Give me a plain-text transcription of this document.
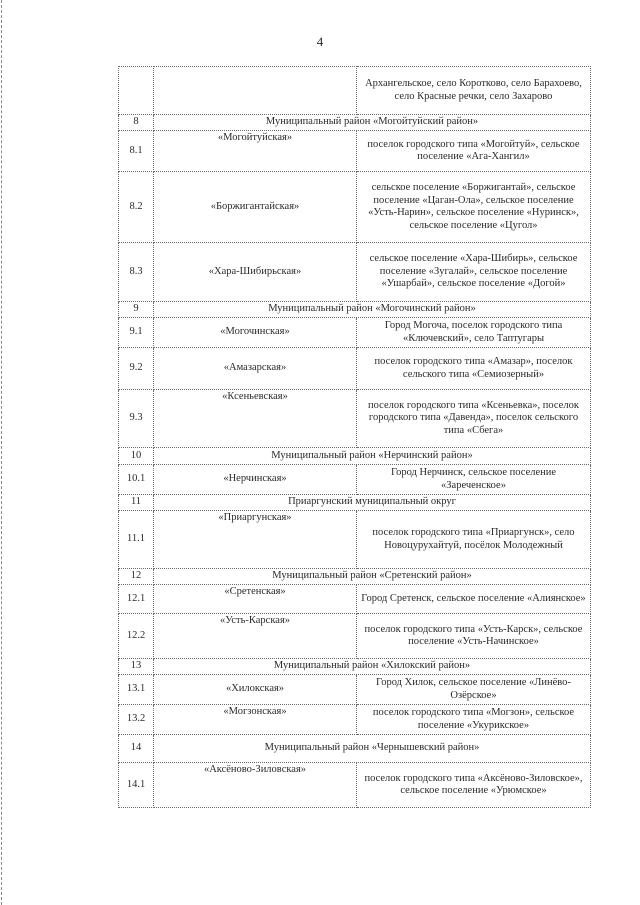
4
		Архангельское, село Коротково, село Барахоево, село Красные речки, село Захарово
8	Муниципальный район «Могойтуйский район»	
8.1	«Могойтуйская»	поселок городского типа «Могойтуй», сельское поселение «Ага-Хангил»
8.2	«Боржигантайская»	сельское поселение «Боржигантай», сельское поселение «Цаган-Ола», сельское поселение «Усть-Нарин», сельское поселение «Нуринск», сельское поселение «Цугол»
8.3	«Хара-Шибирьская»	сельское поселение «Хара-Шибирь», сельское поселение «Зугалай», сельское поселение «Ушарбай», сельское поселение «Догой»
9	Муниципальный район «Могочинский район»	
9.1	«Могочинская»	Город Могоча, поселок городского типа «Ключевский», село Таптугары
9.2	«Амазарская»	поселок городского типа «Амазар», поселок сельского типа «Семиозерный»
9.3	«Ксеньевская»	поселок городского типа «Ксеньевка», поселок городского типа «Давенда», поселок сельского типа «Сбега»
10	Муниципальный район «Нерчинский район»	
10.1	«Нерчинская»	Город Нерчинск, сельское поселение «Зареченское»
11	Приаргунский муниципальный округ	
11.1	«Приаргунская»	поселок городского типа «Приаргунск», село Новоцурухайтуй, посёлок Молодежный
12	Муниципальный район «Сретенский район»	
12.1	«Сретенская»	Город Сретенск, сельское поселение «Алиянское»
12.2	«Усть-Карская»	поселок городского типа «Усть-Карск», сельское поселение «Усть-Начинское»
13	Муниципальный район «Хилокский район»	
13.1	«Хилокская»	Город Хилок, сельское поселение «Линёво-Озёрское»
13.2	«Могзонская»	поселок городского типа «Могзон», сельское поселение «Укурикское»
14	Муниципальный район «Чернышевский район»	
14.1	«Аксёново-Зиловская»	поселок городского типа «Аксёново-Зиловское», сельское поселение «Урюмское»
